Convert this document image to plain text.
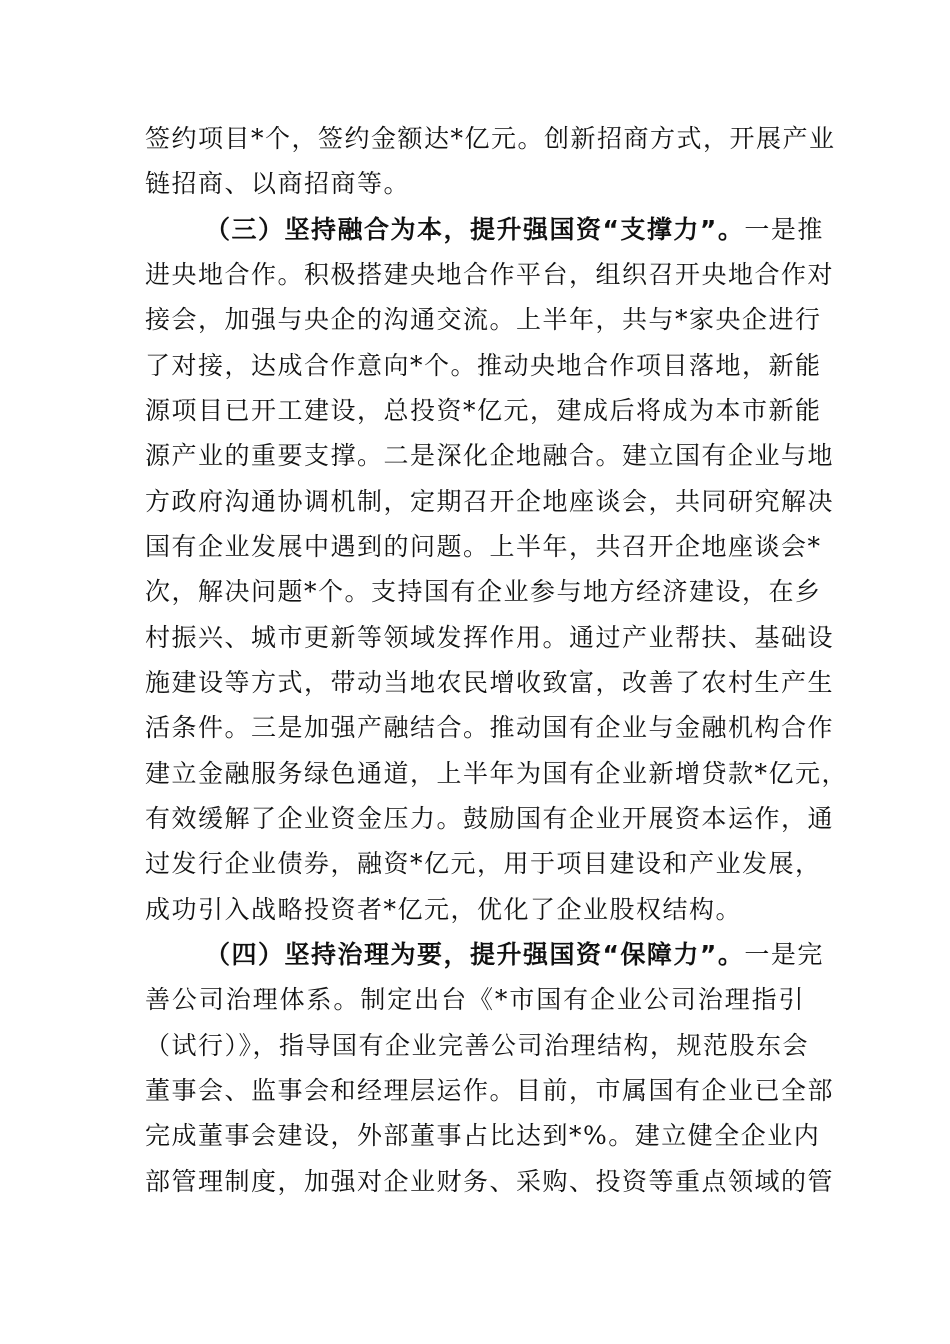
签约项目*个，签约金额达*亿元。创新招商方式，开展产业
链招商、以商招商等。
（三）坚持融合为本，提升强国资“支撑力”。一是推
进央地合作。积极搭建央地合作平台，组织召开央地合作对
接会，加强与央企的沟通交流。上半年，共与*家央企进行
了对接，达成合作意向*个。推动央地合作项目落地，新能
源项目已开工建设，总投资*亿元，建成后将成为本市新能
源产业的重要支撑。二是深化企地融合。建立国有企业与地
方政府沟通协调机制，定期召开企地座谈会，共同研究解决
国有企业发展中遇到的问题。上半年，共召开企地座谈会*
次，解决问题*个。支持国有企业参与地方经济建设，在乡
村振兴、城市更新等领域发挥作用。通过产业帮扶、基础设
施建设等方式，带动当地农民增收致富，改善了农村生产生
活条件。三是加强产融结合。推动国有企业与金融机构合作
建立金融服务绿色通道，上半年为国有企业新增贷款*亿元，
有效缓解了企业资金压力。鼓励国有企业开展资本运作，通
过发行企业债券，融资*亿元，用于项目建设和产业发展，
成功引入战略投资者*亿元，优化了企业股权结构。
（四）坚持治理为要，提升强国资“保障力”。一是完
善公司治理体系。制定出台《*市国有企业公司治理指引
（试行）》，指导国有企业完善公司治理结构，规范股东会
董事会、监事会和经理层运作。目前，市属国有企业已全部
完成董事会建设，外部董事占比达到*%。建立健全企业内
部管理制度，加强对企业财务、采购、投资等重点领域的管
